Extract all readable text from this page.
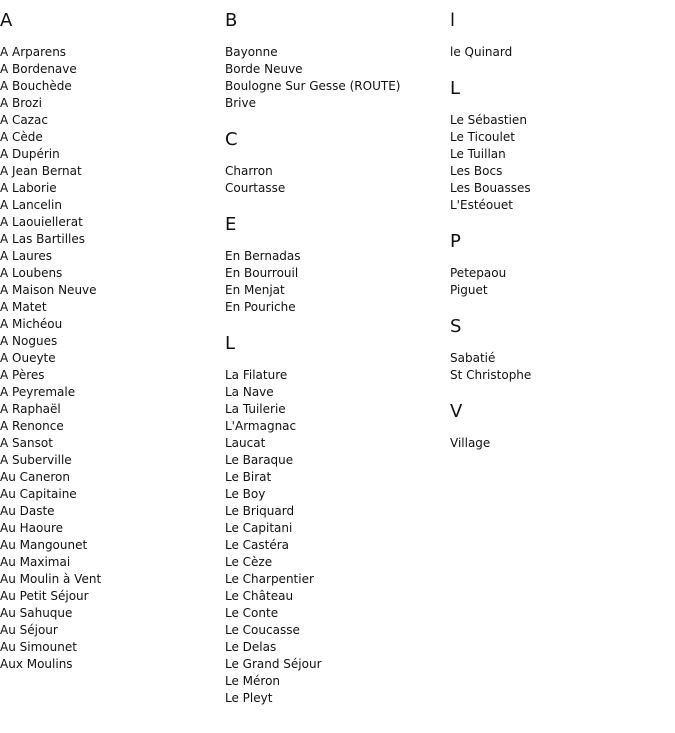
A
A Arparens
A Bordenave
A Bouchède
A Brozi
A Cazac
A Cède
A Dupérin
A Jean Bernat
A Laborie
A Lancelin
A Laouiellerat
A Las Bartilles
A Laures
A Loubens
A Maison Neuve
A Matet
A Michéou
A Nogues
A Oueyte
A Pères
A Peyremale
A Raphaël
A Renonce
A Sansot
A Suberville
Au Caneron
Au Capitaine
Au Daste
Au Haoure
Au Mangounet
Au Maximai
Au Moulin à Vent
Au Petit Séjour
Au Sahuque
Au Séjour
Au Simounet
Aux Moulins
B
Bayonne
Borde Neuve
Boulogne Sur Gesse (ROUTE)
Brive
C
Charron
Courtasse
E
En Bernadas
En Bourrouil
En Menjat
En Pouriche
L
La Filature
La Nave
La Tuilerie
L'Armagnac
Laucat
Le Baraque
Le Birat
Le Boy
Le Briquard
Le Capitani
Le Castéra
Le Cèze
Le Charpentier
Le Château
Le Conte
Le Coucasse
Le Delas
Le Grand Séjour
Le Méron
Le Pleyt
l
le Quinard
L
Le Sébastien
Le Ticoulet
Le Tuillan
Les Bocs
Les Bouasses
L'Estéouet
P
Petepaou
Piguet
S
Sabatié
St Christophe
V
Village
